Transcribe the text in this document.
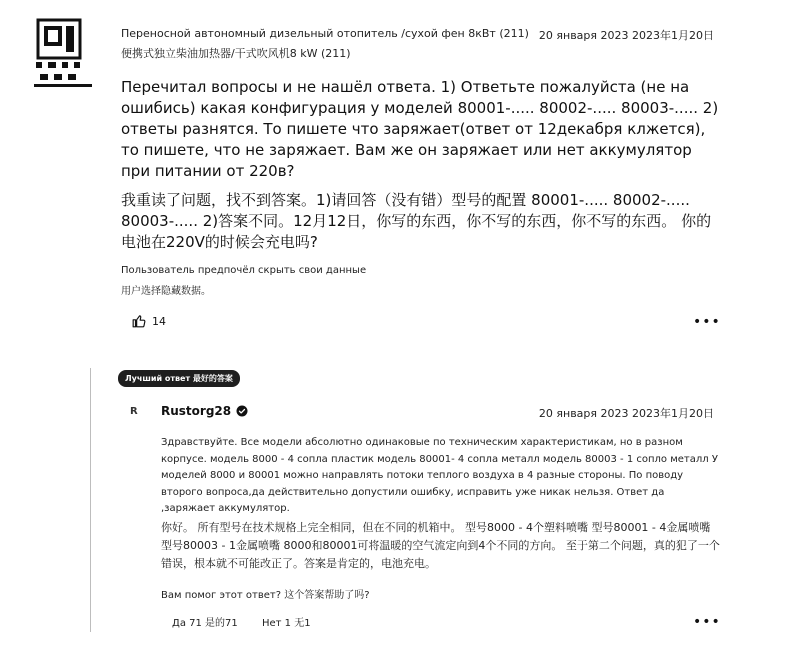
Переносной автономный дизельный отопитель /сухой фен 8кВт (211)
便携式独立柴油加热器/干式吹风机8 kW (211)
20 января 2023 2023年1月20日
Перечитал вопросы и не нашёл ответа. 1) Ответьте пожалуйста (не на ошибись) какая конфигурация у моделей 80001-..... 80002-..... 80003-..... 2) ответы разнятся. То пишете что заряжает(ответ от 12декабря клжется), то пишете, что не заряжает. Вам же он заряжает или нет аккумулятор при питании от 220в?
我重读了问题，找不到答案。1)请回答（没有错）型号的配置 80001-..... 80002-..... 80003-..... 2)答案不同。12月12日，你写的东西，你不写的东西，你不写的东西。 你的电池在220V的时候会充电吗?
Пользователь предпочёл скрыть свои данные
用户选择隐藏数据。
14	•••
Лучший ответ 最好的答案
R Rustorg28	20 января 2023 2023年1月20日
Здравствуйте. Все модели абсолютно одинаковые по техническим характеристикам, но в разном корпусе. модель 8000 - 4 сопла пластик модель 80001- 4 сопла металл модель 80003 - 1 сопло металл У моделей 8000 и 80001 можно направлять потоки теплого воздуха в 4 разные стороны. По поводу второго вопроса,да действительно допустили ошибку, исправить уже никак нельзя. Ответ да ,заряжает аккумулятор.
你好。 所有型号在技术规格上完全相同，但在不同的机箱中。 型号8000 - 4个塑料喷嘴 型号80001 - 4金属喷嘴 型号80003 - 1金属喷嘴 8000和80001可将温暖的空气流定向到4个不同的方向。 至于第二个问题，真的犯了一个错误，根本就不可能改正了。答案是肯定的，电池充电。
Вам помог этот ответ? 这个答案帮助了吗?
Да 71 是的71 Нет 1 无1	•••
